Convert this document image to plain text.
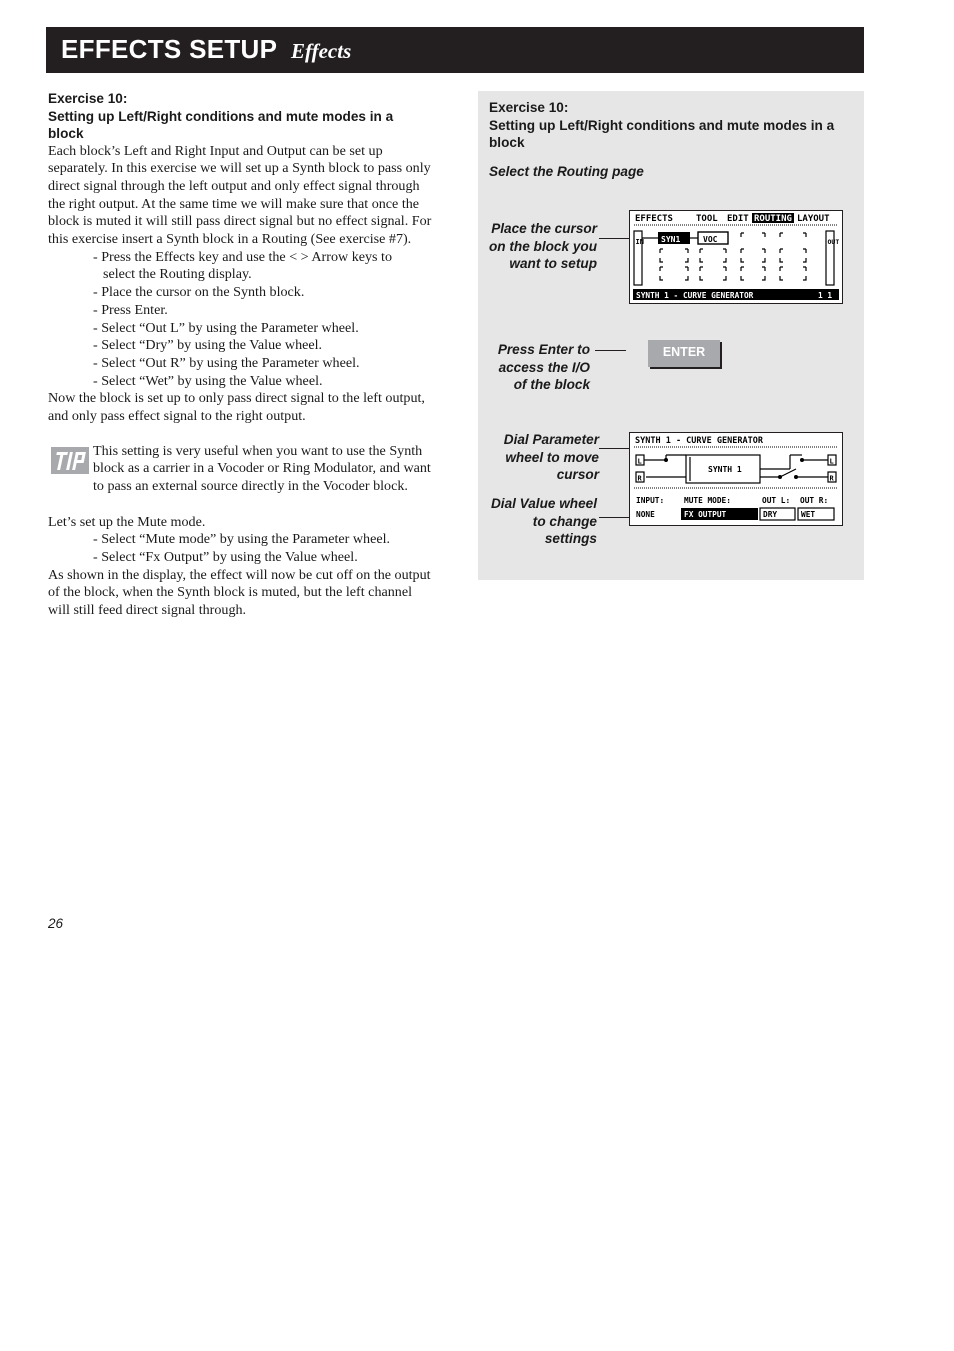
EFFECTS SETUP Effects

Exercise 10:

Setting up Left/Right conditions and mute modes in a block

Each block’s Left and Right Input and Output can be set up separately. In this exercise we will set up a Synth block to pass only direct signal through the left output and only effect signal through the right output. At the same time we will make sure that once the block is muted it will still pass direct signal but no effect signal. For this exercise insert a Synth block in a Routing (See exercise #7).

- Press the Effects key and use the < > Arrow keys to
select the Routing display.
- Place the cursor on the Synth block.
- Press Enter.
- Select “Out L” by using the Parameter wheel.
- Select “Dry” by using the Value wheel.
- Select “Out R” by using the Parameter wheel.
- Select “Wet” by using the Value wheel.

Now the block is set up to only pass direct signal to the left output, and only pass effect signal to the right output.

This setting is very useful when you want to use the Synth block as a carrier in a Vocoder or Ring Modulator, and want to pass an external source directly in the Vocoder block.

Let’s set up the Mute mode.

- Select “Mute mode” by using the Parameter wheel.
- Select “Fx Output” by using the Value wheel.

As shown in the display, the effect will now be cut off on the output of the block, when the Synth block is muted, but the left channel will still feed direct signal through.

26
Exercise 10:
Setting up Left/Right conditions and mute modes in a block
Select the Routing page
Place the cursor on the block you want to setup
EFFECTS	TOOL EDIT ROUTING LAYOUT
IN	OUT
SYN1	VOC
SYNTH 1 - CURVE GENERATOR	1 1
Press Enter to access the I/O of the block
ENTER
Dial Parameter wheel to move cursor
Dial Value wheel to change settings
SYNTH 1 - CURVE GENERATOR
L
R
L
R
SYNTH 1
INPUT:	MUTE MODE:	OUT L: OUT R:
NONE	FX OUTPUT	DRY	WET
